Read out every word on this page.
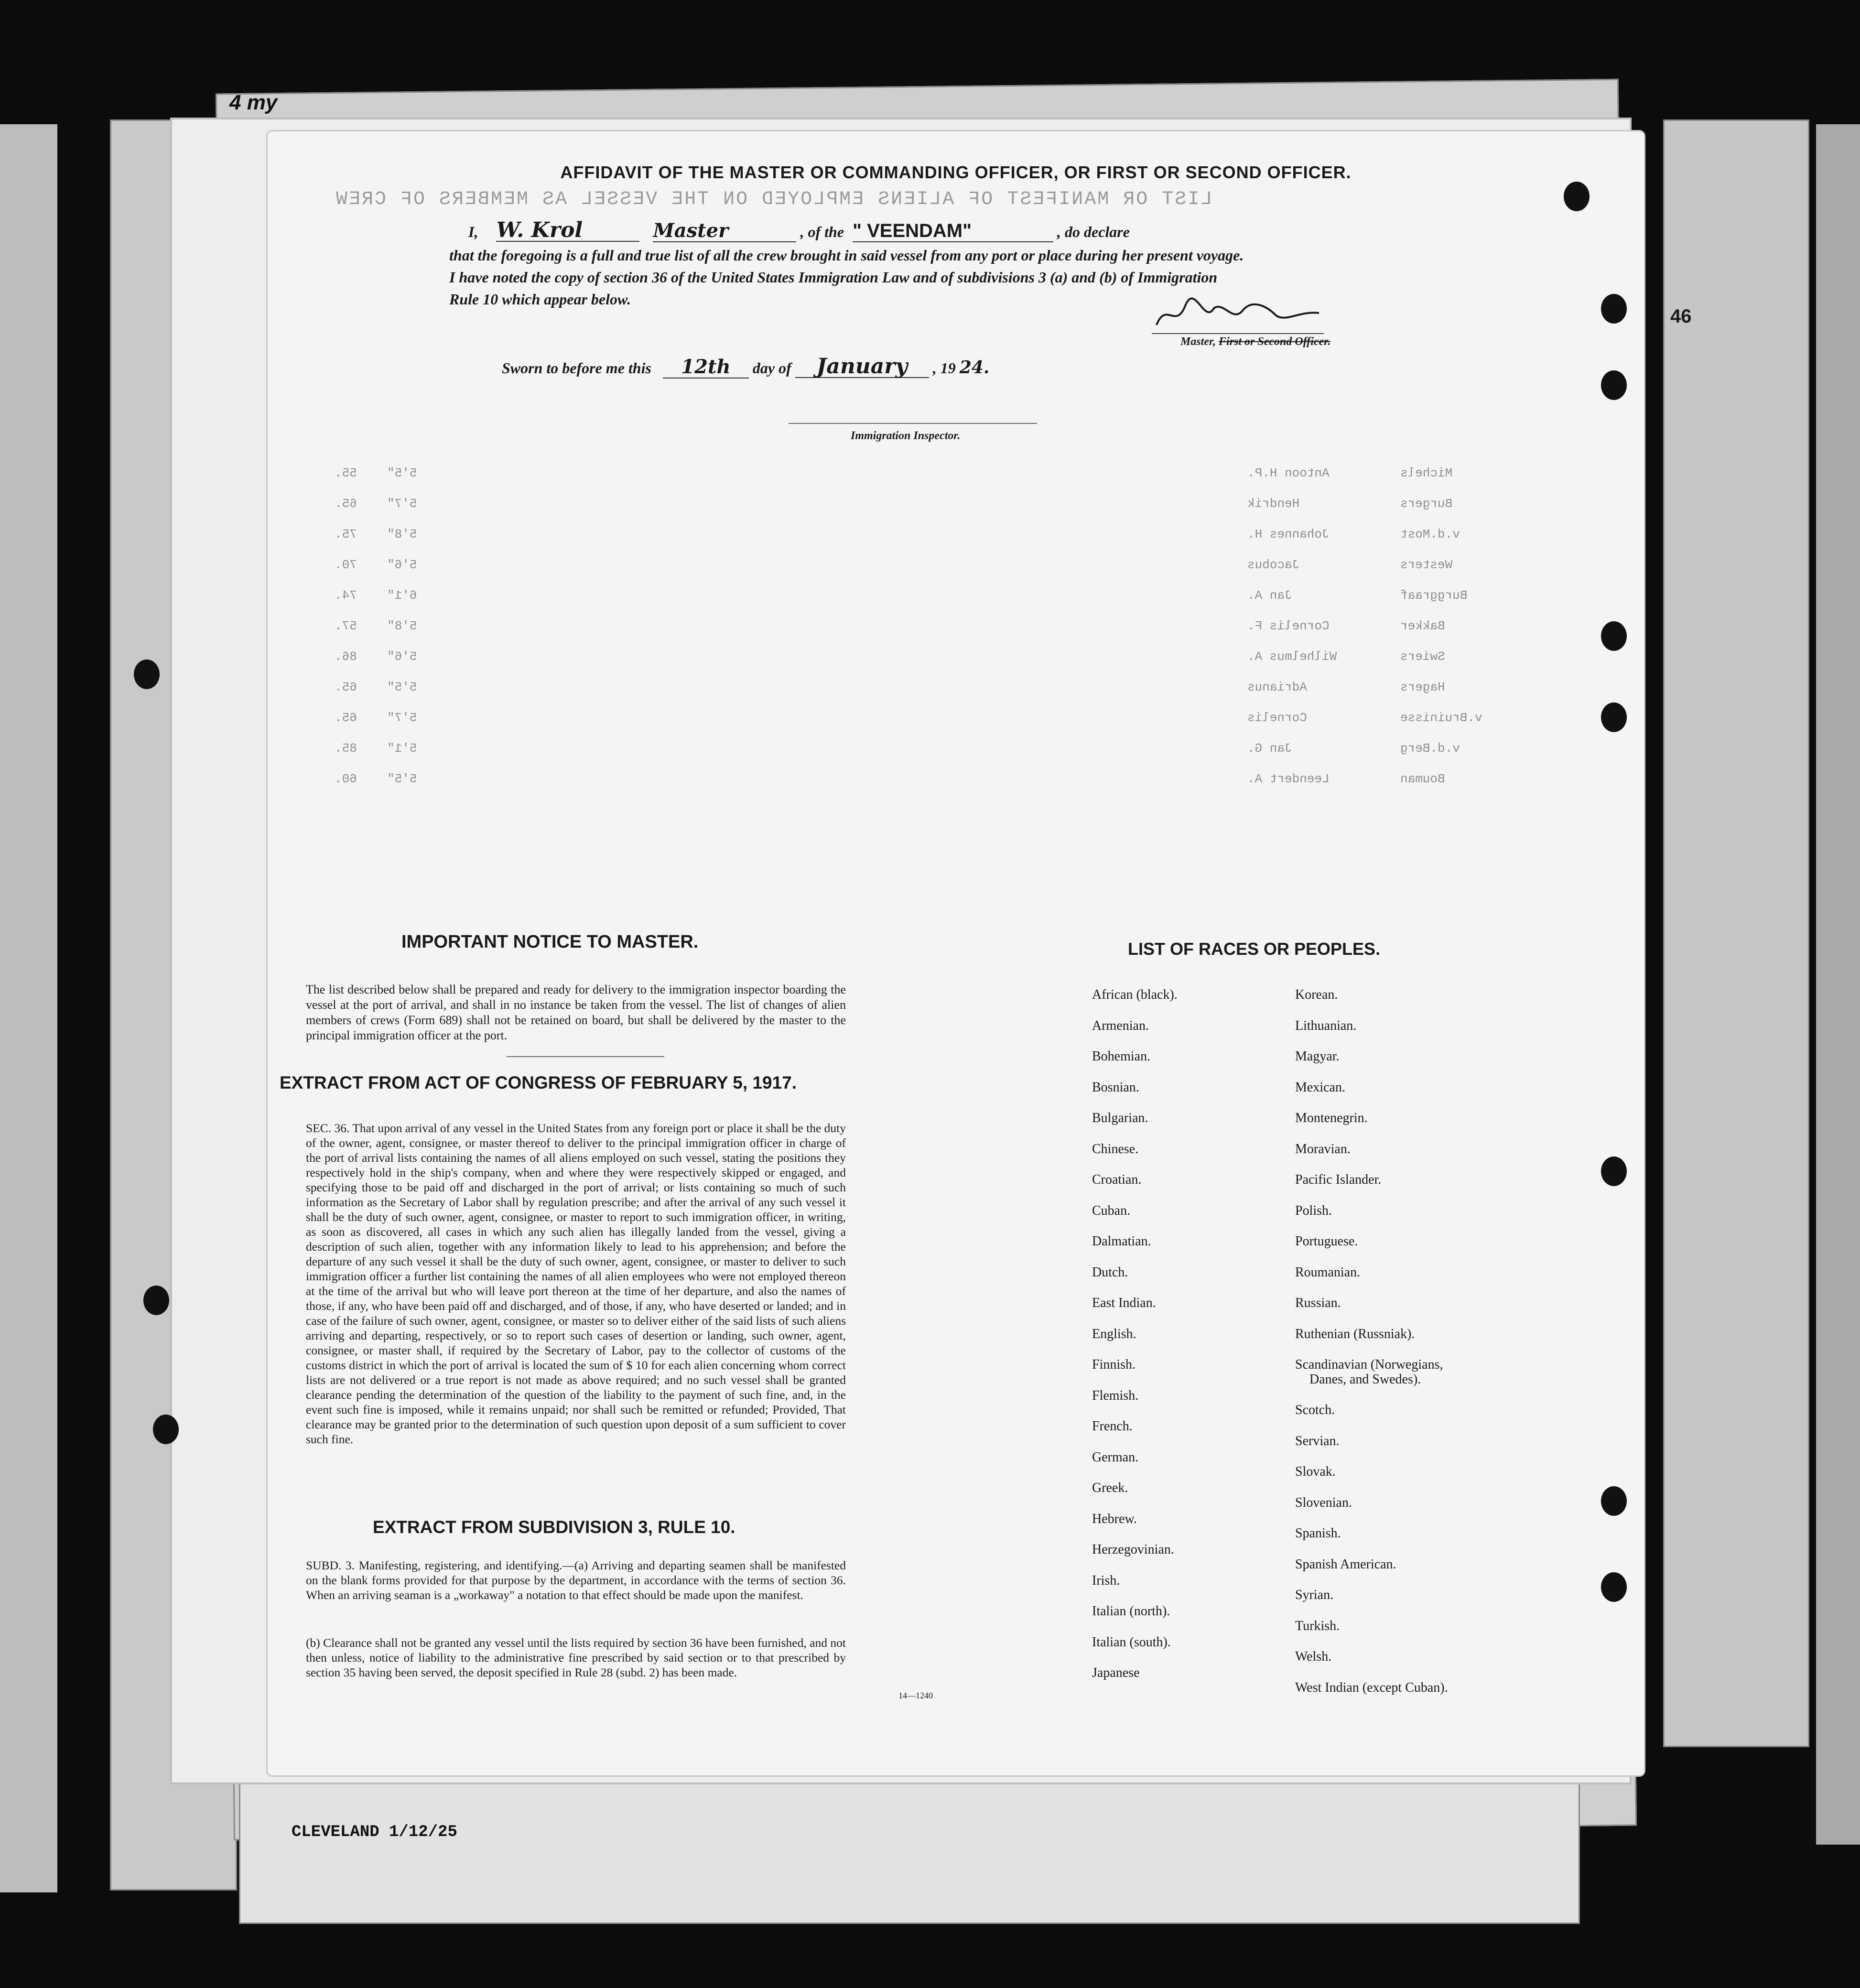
4 my
CLEVELAND 1/12/25
46
LIST OR MANIFEST OF ALIENS EMPLOYED ON THE VESSEL AS MEMBERS OF CREW
AFFIDAVIT OF THE MASTER OR COMMANDING OFFICER, OR FIRST OR SECOND OFFICER.
I, W. Krol	Master	, of the " VEENDAM"	, do declare
that the foregoing is a full and true list of all the crew brought in said vessel from any port or place during her present voyage.
I have noted the copy of section 36 of the United States Immigration Law and of subdivisions 3 (a) and (b) of Immigration
Rule 10 which appear below.
Master, First or Second Officer.
Sworn to before me this 12th day of January , 19 24.
Immigration Inspector.
55. 5'5"	Antoon H.P.	Michels
65. 5'7"	Hendrik	Burgers
75. 5'8"	Johannes H.	v.d.Most
70. 5'6"	Jacobus	Westers
74. 6'1"	Jan A.	Burggraaf
57. 5'8"	Cornelis F.	Bakker
86. 5'6"	Wilhelmus A.	Swiers
65. 5'5"	Adrianus	Hagers
65. 5'7"	Cornelis	v.Bruinisse
85. 5'1"	Jan G.	v.d.Berg
60. 5'5"	Leendert A.	Bouman
IMPORTANT NOTICE TO MASTER.
The list described below shall be prepared and ready for delivery to the immigration inspector boarding the vessel at the port of arrival, and shall in no instance be taken from the vessel. The list of changes of alien members of crews (Form 689) shall not be retained on board, but shall be delivered by the master to the principal immigration officer at the port.
EXTRACT FROM ACT OF CONGRESS OF FEBRUARY 5, 1917.
SEC. 36. That upon arrival of any vessel in the United States from any foreign port or place it shall be the duty of the owner, agent, consignee, or master thereof to deliver to the principal immigration officer in charge of the port of arrival lists containing the names of all aliens employed on such vessel, stating the positions they respectively hold in the ship's company, when and where they were respectively skipped or engaged, and specifying those to be paid off and discharged in the port of arrival; or lists containing so much of such information as the Secretary of Labor shall by regulation prescribe; and after the arrival of any such vessel it shall be the duty of such owner, agent, consignee, or master to report to such immigration officer, in writing, as soon as discovered, all cases in which any such alien has illegally landed from the vessel, giving a description of such alien, together with any information likely to lead to his apprehension; and before the departure of any such vessel it shall be the duty of such owner, agent, consignee, or master to deliver to such immigration officer a further list containing the names of all alien employees who were not employed thereon at the time of the arrival but who will leave port thereon at the time of her departure, and also the names of those, if any, who have been paid off and discharged, and of those, if any, who have deserted or landed; and in case of the failure of such owner, agent, consignee, or master so to deliver either of the said lists of such aliens arriving and departing, respectively, or so to report such cases of desertion or landing, such owner, agent, consignee, or master shall, if required by the Secretary of Labor, pay to the collector of customs of the customs district in which the port of arrival is located the sum of $ 10 for each alien concerning whom correct lists are not delivered or a true report is not made as above required; and no such vessel shall be granted clearance pending the determination of the question of the liability to the payment of such fine, and, in the event such fine is imposed, while it remains unpaid; nor shall such be remitted or refunded; Provided, That clearance may be granted prior to the determination of such question upon deposit of a sum sufficient to cover such fine.
EXTRACT FROM SUBDIVISION 3, RULE 10.
SUBD. 3. Manifesting, registering, and identifying.—(a) Arriving and departing seamen shall be manifested on the blank forms provided for that purpose by the department, in accordance with the terms of section 36. When an arriving seaman is a „workaway" a notation to that effect should be made upon the manifest.
(b) Clearance shall not be granted any vessel until the lists required by section 36 have been furnished, and not then unless, notice of liability to the administrative fine prescribed by said section or to that prescribed by section 35 having been served, the deposit specified in Rule 28 (subd. 2) has been made.
14—1240
LIST OF RACES OR PEOPLES.
African (black).
Armenian.
Bohemian.
Bosnian.
Bulgarian.
Chinese.
Croatian.
Cuban.
Dalmatian.
Dutch.
East Indian.
English.
Finnish.
Flemish.
French.
German.
Greek.
Hebrew.
Herzegovinian.
Irish.
Italian (north).
Italian (south).
Japanese
Korean.
Lithuanian.
Magyar.
Mexican.
Montenegrin.
Moravian.
Pacific Islander.
Polish.
Portuguese.
Roumanian.
Russian.
Ruthenian (Russniak).
Scandinavian (Norwegians,
Danes, and Swedes).
Scotch.
Servian.
Slovak.
Slovenian.
Spanish.
Spanish American.
Syrian.
Turkish.
Welsh.
West Indian (except Cuban).
